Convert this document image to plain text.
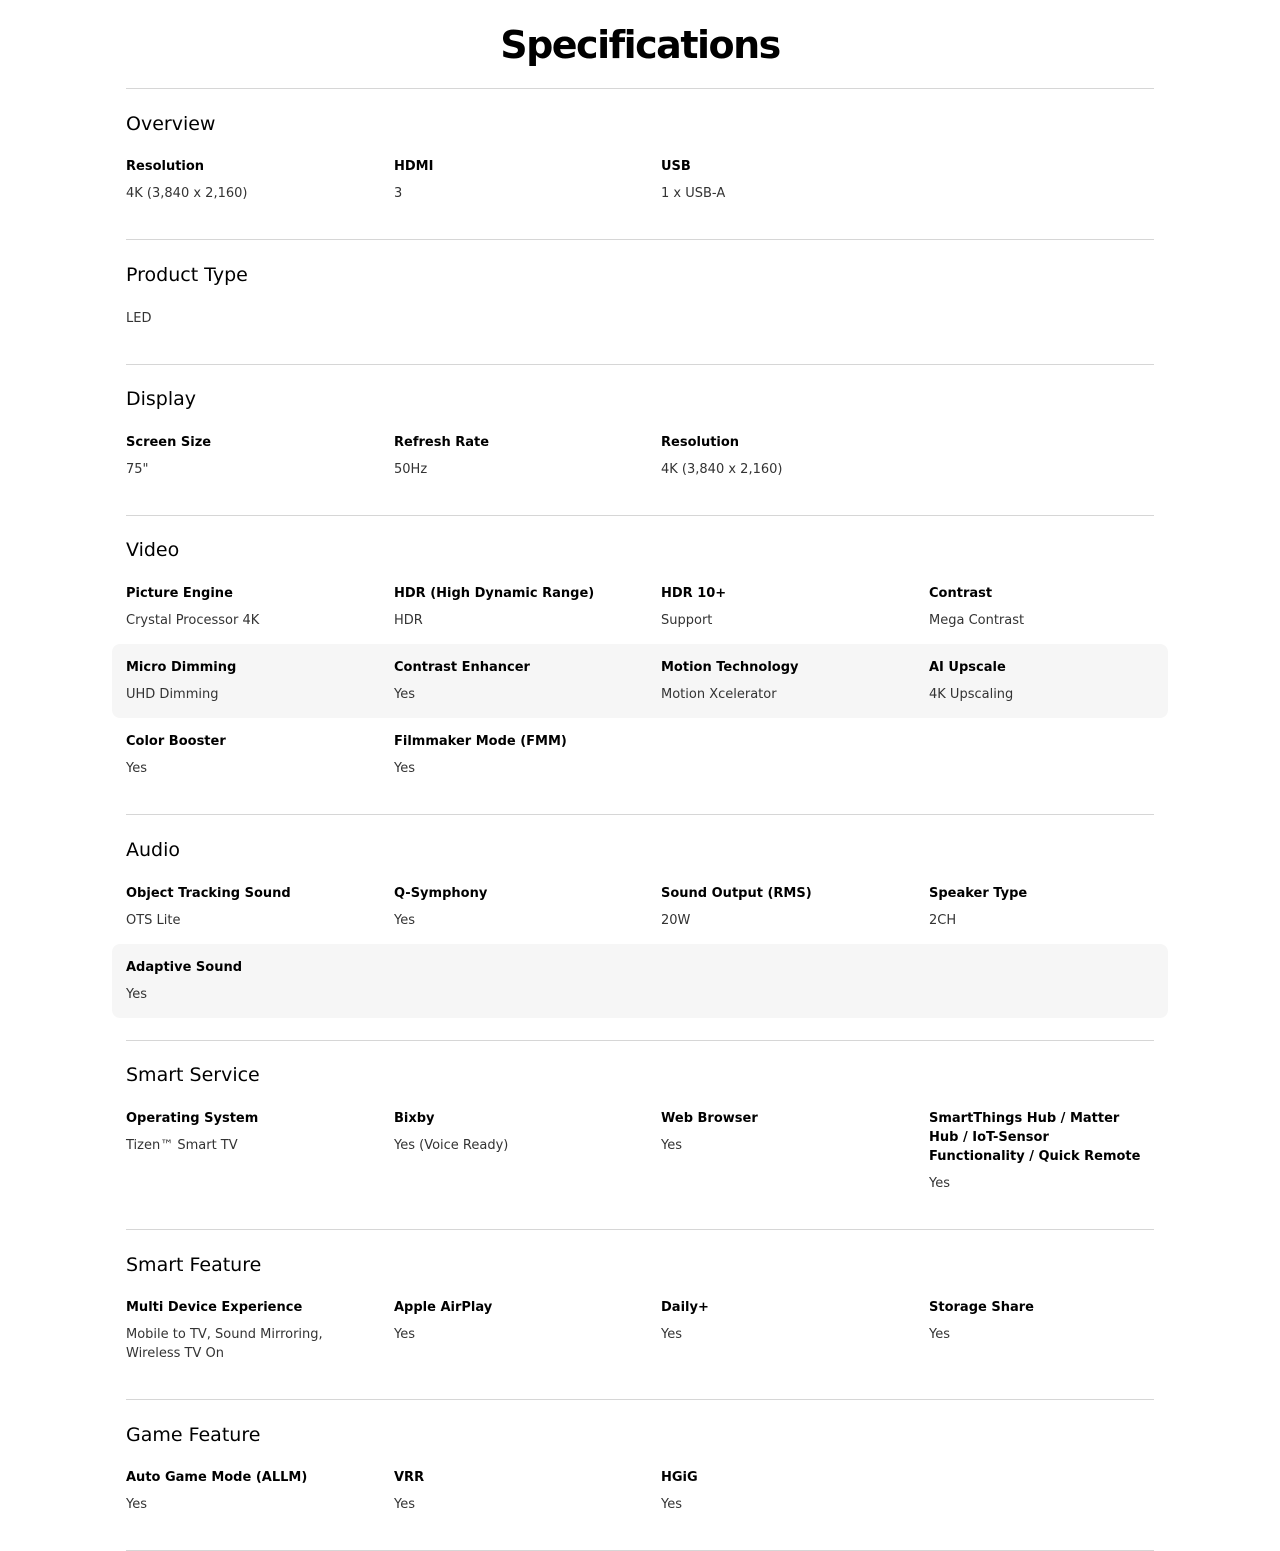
Specifications
Overview
Resolution
4K (3,840 x 2,160)
HDMI
3
USB
1 x USB-A
Product Type
LED
Display
Screen Size
75"
Refresh Rate
50Hz
Resolution
4K (3,840 x 2,160)
Video
Picture Engine
Crystal Processor 4K
HDR (High Dynamic Range)
HDR
HDR 10+
Support
Contrast
Mega Contrast
Micro Dimming
UHD Dimming
Contrast Enhancer
Yes
Motion Technology
Motion Xcelerator
AI Upscale
4K Upscaling
Color Booster
Yes
Filmmaker Mode (FMM)
Yes
Audio
Object Tracking Sound
OTS Lite
Q-Symphony
Yes
Sound Output (RMS)
20W
Speaker Type
2CH
Adaptive Sound
Yes
Smart Service
Operating System
Tizen™ Smart TV
Bixby
Yes (Voice Ready)
Web Browser
Yes
SmartThings Hub / Matter Hub / IoT-Sensor Functionality / Quick Remote
Yes
Smart Feature
Multi Device Experience
Mobile to TV, Sound Mirroring, Wireless TV On
Apple AirPlay
Yes
Daily+
Yes
Storage Share
Yes
Game Feature
Auto Game Mode (ALLM)
Yes
VRR
Yes
HGiG
Yes
